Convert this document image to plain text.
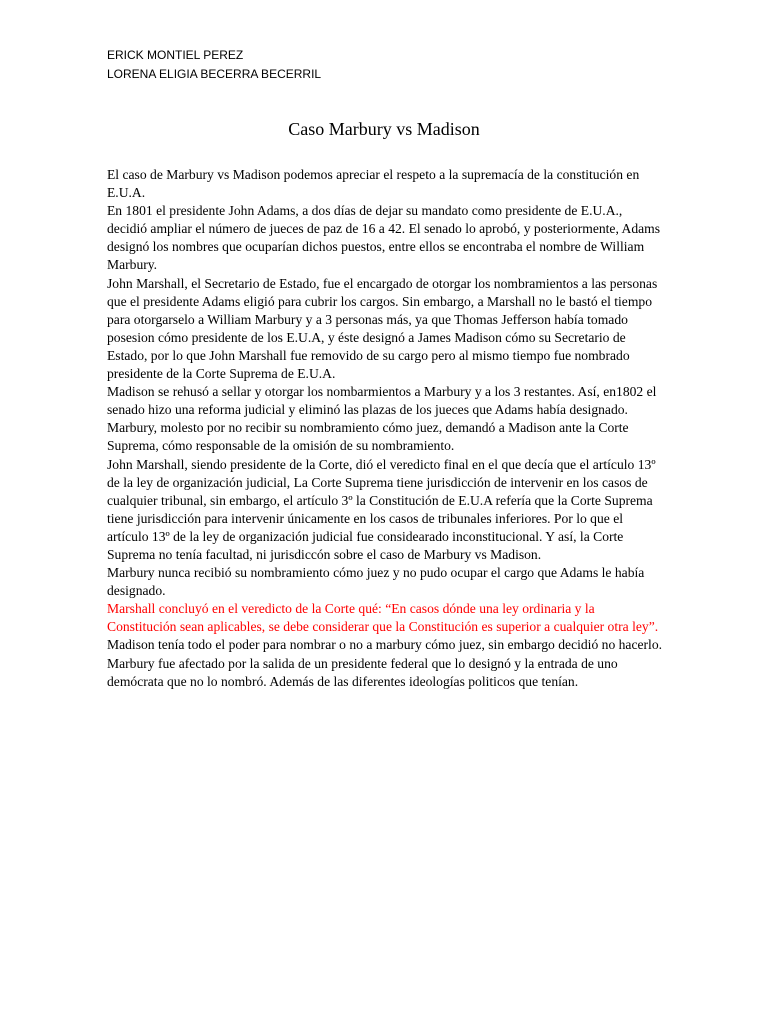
ERICK MONTIEL PEREZ
LORENA ELIGIA BECERRA BECERRIL
Caso Marbury vs Madison

El caso de Marbury vs Madison podemos apreciar el respeto a la supremacía de la constitución en E.U.A.

En 1801 el presidente John Adams, a dos días de dejar su mandato como presidente de E.U.A., decidió ampliar el número de jueces de paz de 16 a 42. El senado lo aprobó, y posteriormente, Adams designó los nombres que ocuparían dichos puestos, entre ellos se encontraba el nombre de William Marbury.

John Marshall, el Secretario de Estado, fue el encargado de otorgar los nombramientos a las personas que el presidente Adams eligió para cubrir los cargos. Sin embargo, a Marshall no le bastó el tiempo para otorgarselo a William Marbury y a 3 personas más, ya que Thomas Jefferson había tomado posesion cómo presidente de los E.U.A, y éste designó a James Madison cómo su Secretario de Estado, por lo que John Marshall fue removido de su cargo pero al mismo tiempo fue nombrado presidente de la Corte Suprema de E.U.A.

Madison se rehusó a sellar y otorgar los nombarmientos a Marbury y a los 3 restantes. Así, en1802 el senado hizo una reforma judicial y eliminó las plazas de los jueces que Adams había designado.

Marbury, molesto por no recibir su nombramiento cómo juez, demandó a Madison ante la Corte Suprema, cómo responsable de la omisión de su nombramiento.

John Marshall, siendo presidente de la Corte, dió el veredicto final en el que decía que el artículo 13º de la ley de organización judicial, La Corte Suprema tiene jurisdicción de intervenir en los casos de cualquier tribunal, sin embargo, el artículo 3º la Constitución de E.U.A refería que la Corte Suprema tiene jurisdicción para intervenir únicamente en los casos de tribunales inferiores. Por lo que el artículo 13º de la ley de organización judicial fue considearado inconstitucional. Y así, la Corte Suprema no tenía facultad, ni jurisdiccón sobre el caso de Marbury vs Madison.

Marbury nunca recibió su nombramiento cómo juez y no pudo ocupar el cargo que Adams le había designado.

Marshall concluyó en el veredicto de la Corte qué: “En casos dónde una ley ordinaria y la Constitución sean aplicables, se debe considerar que la Constitución es superior a cualquier otra ley”.

Madison tenía todo el poder para nombrar o no a marbury cómo juez, sin embargo decidió no hacerlo. Marbury fue afectado por la salida de un presidente federal que lo designó y la entrada de uno demócrata que no lo nombró. Además de las diferentes ideologías politicos que tenían.
